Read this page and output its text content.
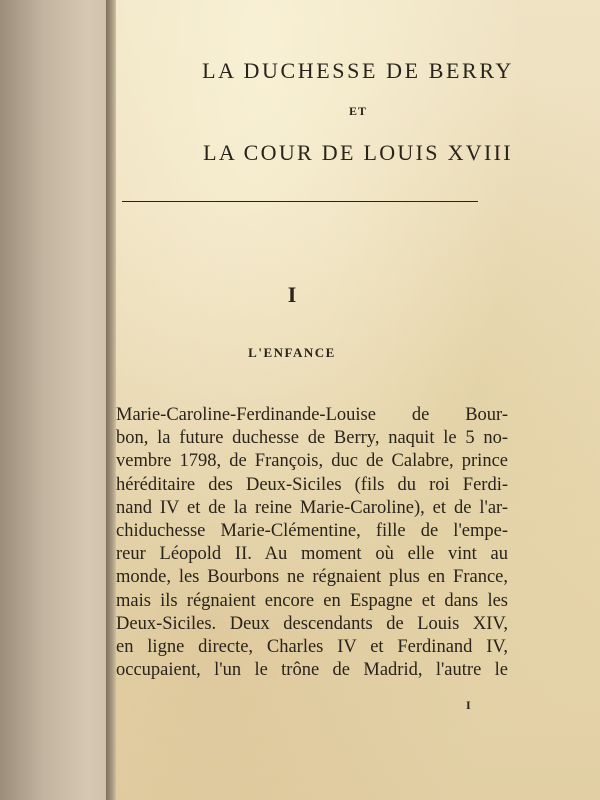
LA DUCHESSE DE BERRY
ET
LA COUR DE LOUIS XVIII
I
L'ENFANCE
Marie-Caroline-Ferdinande-Louise de Bour-
bon, la future duchesse de Berry, naquit le 5 no-
vembre 1798, de François, duc de Calabre, prince
héréditaire des Deux-Siciles (fils du roi Ferdi-
nand IV et de la reine Marie-Caroline), et de l'ar-
chiduchesse Marie-Clémentine, fille de l'empe-
reur Léopold II. Au moment où elle vint au
monde, les Bourbons ne régnaient plus en France,
mais ils régnaient encore en Espagne et dans les
Deux-Siciles. Deux descendants de Louis XIV,
en ligne directe, Charles IV et Ferdinand IV,
occupaient, l'un le trône de Madrid, l'autre le
I
